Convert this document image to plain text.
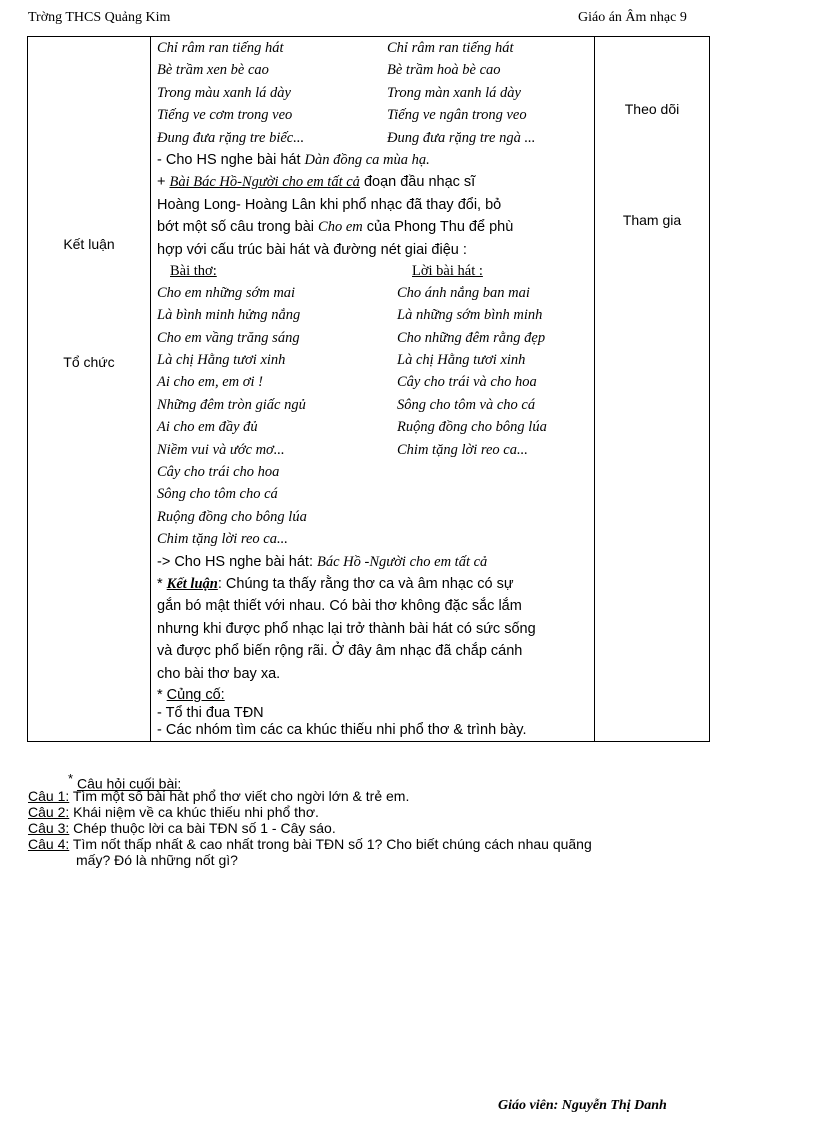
Trờng THCS Quảng Kim	Giáo án Âm nhạc 9
Kết luận
Tổ chức

Chỉ râm ran tiếng hát	Chỉ râm ran tiếng hát
Bè trầm xen bè cao	Bè trầm hoà bè cao
Trong màu xanh lá dày	Trong màn xanh lá dày
Tiếng ve cơm trong veo	Tiếng ve ngân trong veo
Đung đưa rặng tre biếc...	Đung đưa rặng tre ngà ...
- Cho HS nghe bài hát Dàn đồng ca mùa hạ.
+ Bài Bác Hồ-Người cho em tất cả đoạn đầu nhạc sĩ
Hoàng Long- Hoàng Lân khi phổ nhạc đã thay đổi, bỏ
bớt một số câu trong bài Cho em của Phong Thu để phù
hợp với cấu trúc bài hát và đường nét giai điệu :
Bài thơ:	Lời bài hát :
Cho em những sớm mai	Cho ánh nắng ban mai
Là bình minh hửng nắng	Là những sớm bình minh
Cho em vầng trăng sáng	Cho những đêm rằng đẹp
Là chị Hằng tươi xinh	Là chị Hằng tươi xinh
Ai cho em, em ơi !	Cây cho trái và cho hoa
Những đêm tròn giấc ngủ	Sông cho tôm và cho cá
Ai cho em đầy đủ	Ruộng đồng cho bông lúa
Niềm vui và ước mơ...	Chim tặng lời reo ca...
Cây cho trái cho hoa
Sông cho tôm cho cá
Ruộng đồng cho bông lúa
Chim tặng lời reo ca...
-> Cho HS nghe bài hát: Bác Hồ -Người cho em tất cả
* Kết luận: Chúng ta thấy rằng thơ ca và âm nhạc có sự
gắn bó mật thiết với nhau. Có bài thơ không đặc sắc lắm
nhưng khi được phổ nhạc lại trở thành bài hát có sức sống
và được phổ biến rộng rãi. Ở đây âm nhạc đã chắp cánh
cho bài thơ bay xa.
* Củng cố:
- Tổ thi đua TĐN
- Các nhóm tìm các ca khúc thiếu nhi phổ thơ & trình bày.

Theo dõi
Tham gia
* Câu hỏi cuối bài:
Câu 1: Tìm một số bài hát phổ thơ viết cho ngời lớn & trẻ em.
Câu 2: Khái niệm về ca khúc thiếu nhi phổ thơ.
Câu 3: Chép thuộc lời ca bài TĐN số 1 - Cây sáo.
Câu 4: Tìm nốt thấp nhất & cao nhất trong bài TĐN số 1? Cho biết chúng cách nhau quãng
mấy? Đó là những nốt gì?
Giáo viên: Nguyễn Thị Danh
